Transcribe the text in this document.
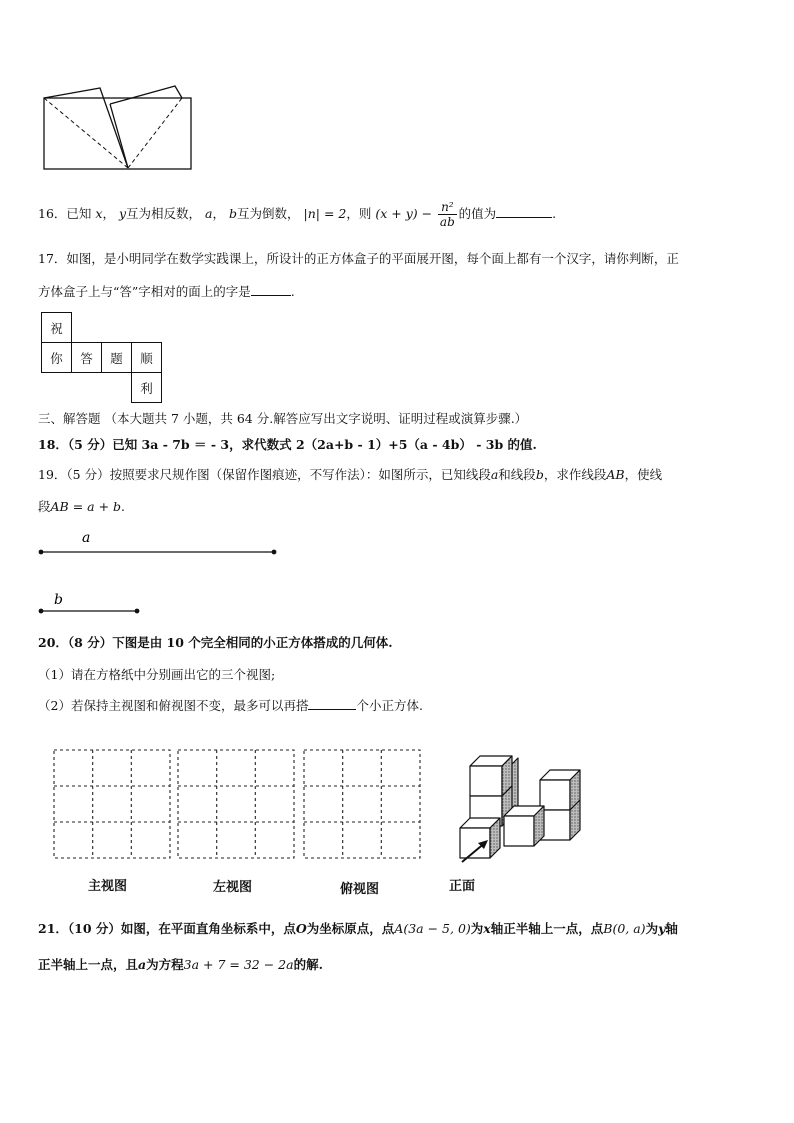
16．已知 x， y互为相反数， a， b互为倒数， |n| = 2，则 $(x + y) - \frac{\text{n²}}{ab}$ 的值为	.
17．如图，是小明同学在数学实践课上，所设计的正方体盒子的平面展开图，每个面上都有一个汉字，请你判断，正
方体盒子上与“答”字相对的面上的字是	.
祝			
你	答	题	顺
			利
三、解答题 （本大题共 7 小题，共 64 分.解答应写出文字说明、证明过程或演算步骤.）
18．（5 分）已知 3a - 7b ＝ - 3，求代数式 2（2a+b - 1）+5（a - 4b） - 3b 的值.
19．（5 分）按照要求尺规作图（保留作图痕迹，不写作法）：如图所示，已知线段a和线段b，求作线段AB，使线
段AB = a + b.
a
b
20．（8 分）下图是由 10 个完全相同的小正方体搭成的几何体.
（1）请在方格纸中分别画出它的三个视图;
（2）若保持主视图和俯视图不变，最多可以再搭	个小正方体.
主视图	左视图	俯视图	正面
21．（10 分）如图，在平面直角坐标系中，点O为坐标原点，点A(3a − 5, 0)为x轴正半轴上一点，点B(0, a)为y轴
正半轴上一点，且a为方程3a + 7 = 32 − 2a的解.
